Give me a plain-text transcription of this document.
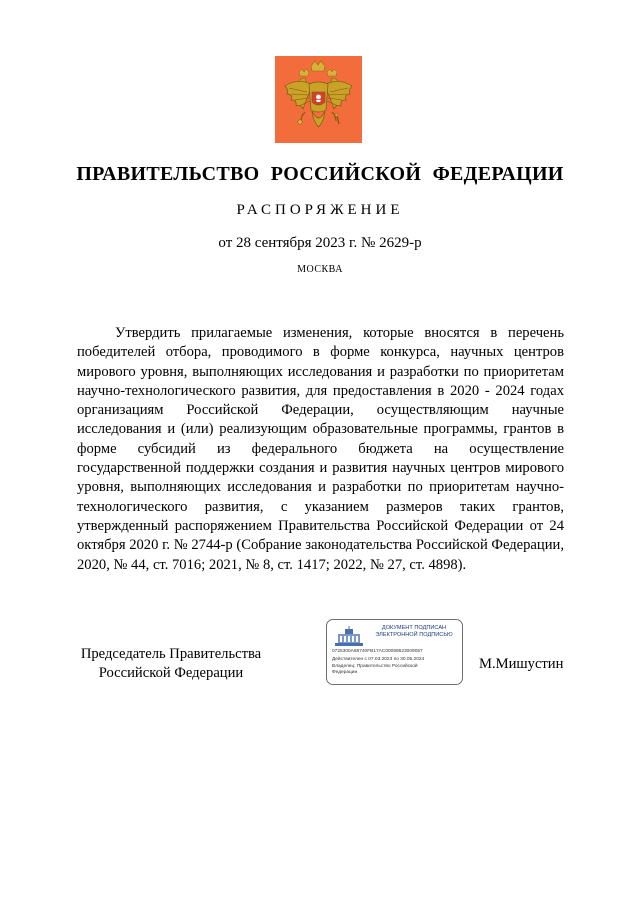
ПРАВИТЕЛЬСТВО РОССИЙСКОЙ ФЕДЕРАЦИИ
РАСПОРЯЖЕНИЕ
от 28 сентября 2023 г. № 2629-р
МОСКВА

Утвердить прилагаемые изменения, которые вносятся в перечень победителей отбора, проводимого в форме конкурса, научных центров мирового уровня, выполняющих исследования и разработки по приоритетам научно-технологического развития, для предоставления в 2020 - 2024 годах организациям Российской Федерации, осуществляющим научные исследования и (или) реализующим образовательные программы, грантов в форме субсидий из федерального бюджета на осуществление государственной поддержки создания и развития научных центров мирового уровня, выполняющих исследования и разработки по приоритетам научно-технологического развития, с указанием размеров таких грантов, утвержденный распоряжением Правительства Российской Федерации от 24 октября 2020 г. № 2744-р (Собрание законодательства Российской Федерации, 2020, № 44, ст. 7016; 2021, № 8, ст. 1417; 2022, № 27, ст. 4898).

Председатель Правительства
Российской Федерации
ДОКУМЕНТ ПОДПИСАН
ЭЛЕКТРОННОЙ ПОДПИСЬЮ
0725300A68740FB17AC00089623009057
Действителен с 07.03.2023 по 30.05.2024
Владелец: Правительство Российской
Федерации
М.Мишустин
